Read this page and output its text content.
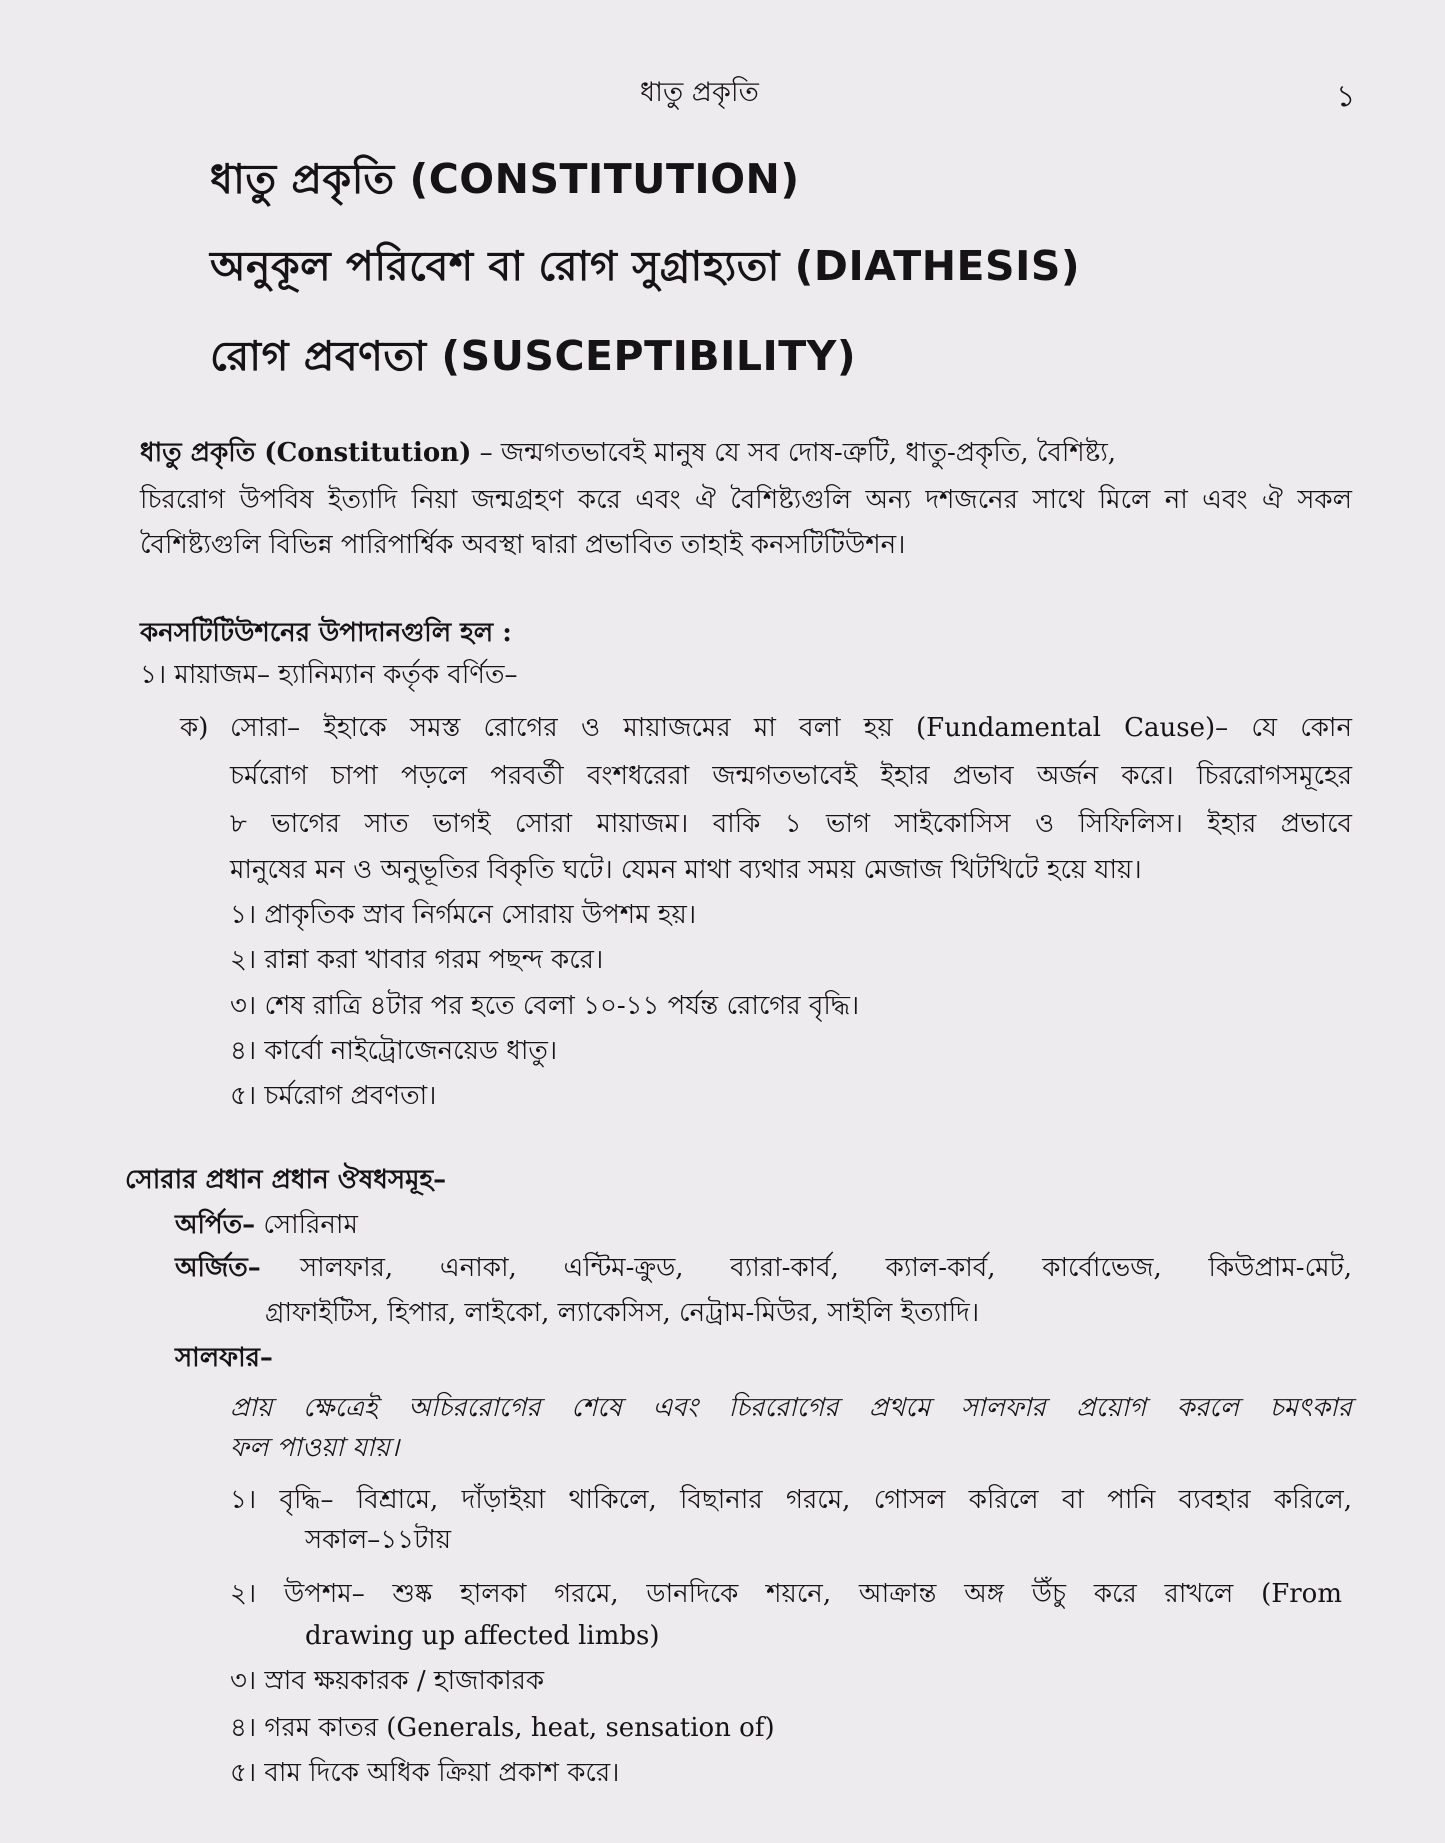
ধাতু প্রকৃতি	১
ধাতু প্রকৃতি (CONSTITUTION)
অনুকূল পরিবেশ বা রোগ সুগ্রাহ্যতা (DIATHESIS)
রোগ প্রবণতা (SUSCEPTIBILITY)
ধাতু প্রকৃতি (Constitution) – জন্মগতভাবেই মানুষ যে সব দোষ-ত্রুটি, ধাতু-প্রকৃতি, বৈশিষ্ট্য,
চিররোগ উপবিষ ইত্যাদি নিয়া জন্মগ্রহণ করে এবং ঐ বৈশিষ্ট্যগুলি অন্য দশজনের সাথে মিলে না এবং ঐ সকল
বৈশিষ্ট্যগুলি বিভিন্ন পারিপার্শ্বিক অবস্থা দ্বারা প্রভাবিত তাহাই কনসটিটিউশন।
কনসটিটিউশনের উপাদানগুলি হল :
১। মায়াজম– হ্যানিম্যান কর্তৃক বর্ণিত–
ক) সোরা– ইহাকে সমস্ত রোগের ও মায়াজমের মা বলা হয় (Fundamental Cause)– যে কোন
চর্মরোগ চাপা পড়লে পরবর্তী বংশধরেরা জন্মগতভাবেই ইহার প্রভাব অর্জন করে। চিররোগসমূহের
৮ ভাগের সাত ভাগই সোরা মায়াজম। বাকি ১ ভাগ সাইকোসিস ও সিফিলিস। ইহার প্রভাবে
মানুষের মন ও অনুভূতির বিকৃতি ঘটে। যেমন মাথা ব্যথার সময় মেজাজ খিটখিটে হয়ে যায়।
১। প্রাকৃতিক স্রাব নির্গমনে সোরায় উপশম হয়।
২। রান্না করা খাবার গরম পছন্দ করে।
৩। শেষ রাত্রি ৪টার পর হতে বেলা ১০-১১ পর্যন্ত রোগের বৃদ্ধি।
৪। কার্বো নাইট্রোজেনয়েড ধাতু।
৫। চর্মরোগ প্রবণতা।
সোরার প্রধান প্রধান ঔষধসমূহ–
অর্পিত– সোরিনাম
অর্জিত– সালফার, এনাকা, এন্টিম-ক্রুড, ব্যারা-কার্ব, ক্যাল-কার্ব, কার্বোভেজ, কিউপ্রাম-মেট,
গ্রাফাইটিস, হিপার, লাইকো, ল্যাকেসিস, নেট্রাম-মিউর, সাইলি ইত্যাদি।
সালফার–
প্রায় ক্ষেত্রেই অচিররোগের শেষে এবং চিররোগের প্রথমে সালফার প্রয়োগ করলে চমৎকার
ফল পাওয়া যায়।
১। বৃদ্ধি– বিশ্রামে, দাঁড়াইয়া থাকিলে, বিছানার গরমে, গোসল করিলে বা পানি ব্যবহার করিলে,
সকাল–১১টায়
২। উপশম– শুষ্ক হালকা গরমে, ডানদিকে শয়নে, আক্রান্ত অঙ্গ উঁচু করে রাখলে (From
drawing up affected limbs)
৩। স্রাব ক্ষয়কারক / হাজাকারক
৪। গরম কাতর (Generals, heat, sensation of)
৫। বাম দিকে অধিক ক্রিয়া প্রকাশ করে।
